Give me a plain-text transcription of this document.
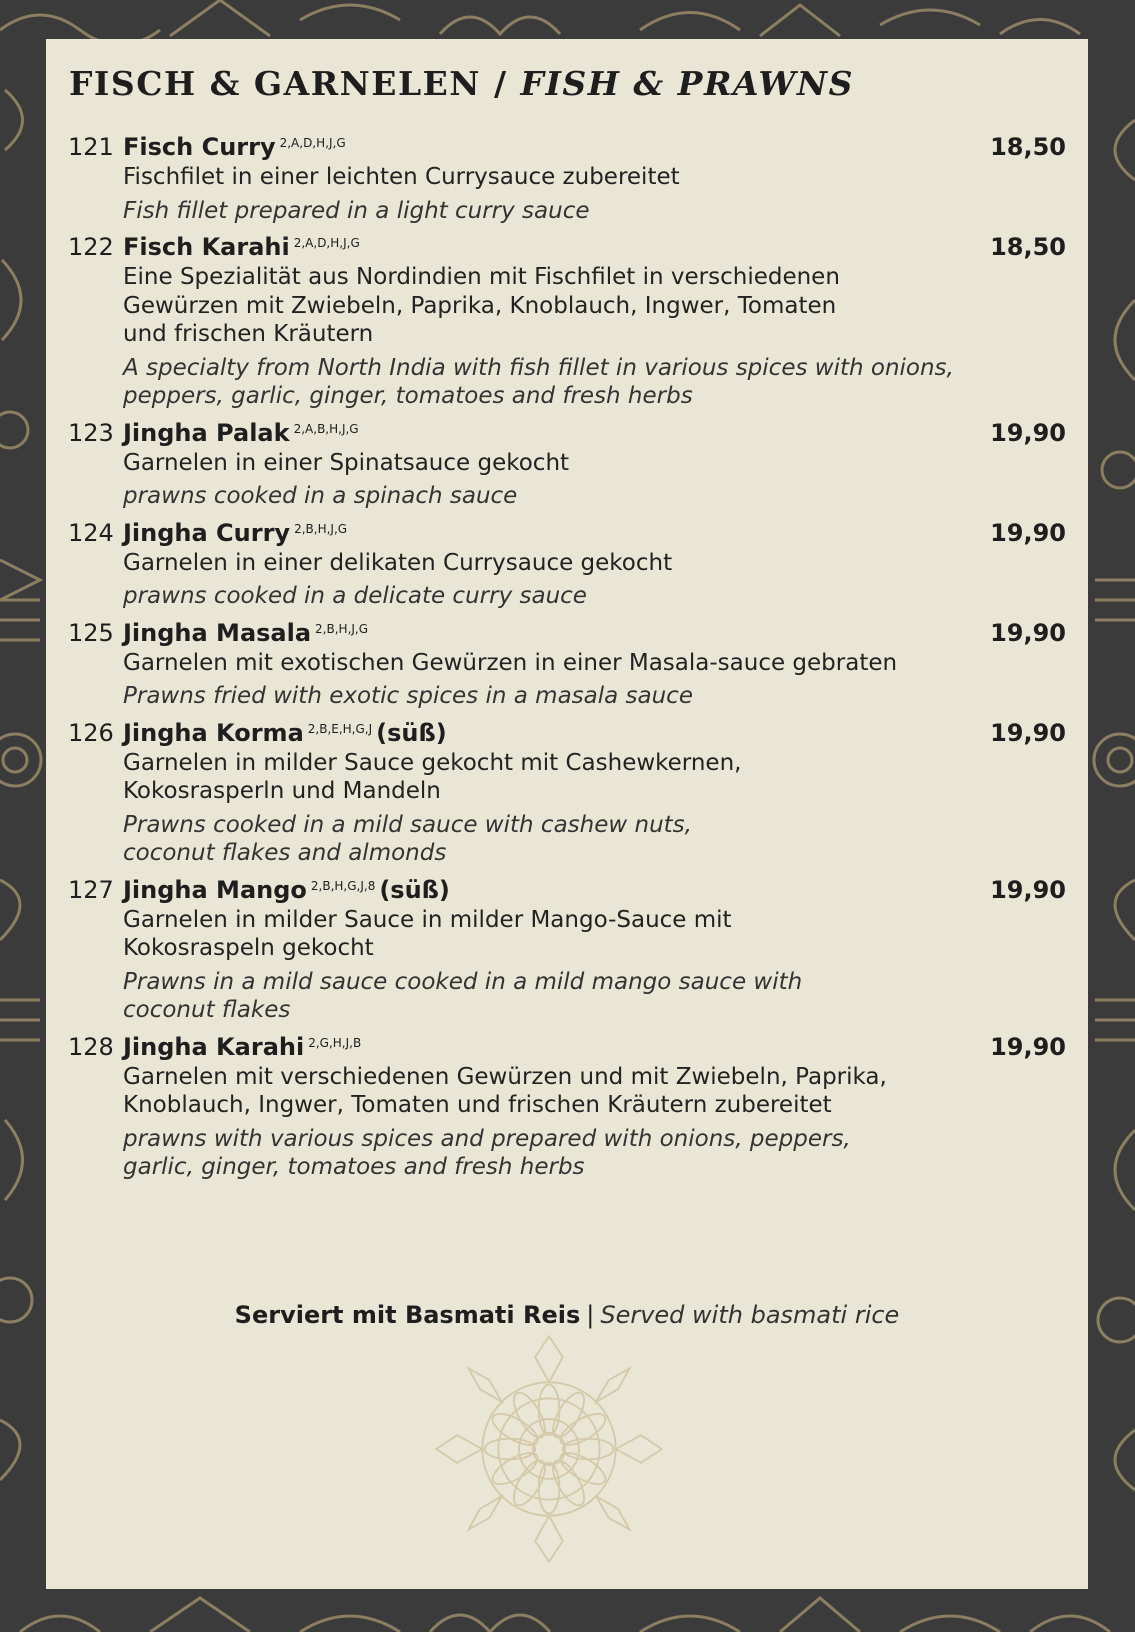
FISCH & GARNELEN / FISH & PRAWNS
121 Fisch Curry $^{2,A,D,H,J,G}$	18,50
Fischfilet in einer leichten Currysauce zubereitet
Fish fillet prepared in a light curry sauce
122 Fisch Karahi $^{2,A,D,H,J,G}$	18,50
Eine Spezialität aus Nordindien mit Fischfilet in verschiedenen
Gewürzen mit Zwiebeln, Paprika, Knoblauch, Ingwer, Tomaten
und frischen Kräutern
A specialty from North India with fish fillet in various spices with onions,
peppers, garlic, ginger, tomatoes and fresh herbs
123 Jingha Palak $^{2,A,B,H,J,G}$	19,90
Garnelen in einer Spinatsauce gekocht
prawns cooked in a spinach sauce
124 Jingha Curry $^{2,B,H,J,G}$	19,90
Garnelen in einer delikaten Currysauce gekocht
prawns cooked in a delicate curry sauce
125 Jingha Masala $^{2,B,H,J,G}$	19,90
Garnelen mit exotischen Gewürzen in einer Masala-sauce gebraten
Prawns fried with exotic spices in a masala sauce
126 Jingha Korma $^{2,B,E,H,G,J}$ (süß)	19,90
Garnelen in milder Sauce gekocht mit Cashewkernen,
Kokosrasperln und Mandeln
Prawns cooked in a mild sauce with cashew nuts,
coconut flakes and almonds
127 Jingha Mango $^{2,B,H,G,J,8}$ (süß)	19,90
Garnelen in milder Sauce in milder Mango-Sauce mit
Kokosraspeln gekocht
Prawns in a mild sauce cooked in a mild mango sauce with
coconut flakes
128 Jingha Karahi $^{2,G,H,J,B}$	19,90
Garnelen mit verschiedenen Gewürzen und mit Zwiebeln, Paprika,
Knoblauch, Ingwer, Tomaten und frischen Kräutern zubereitet
prawns with various spices and prepared with onions, peppers,
garlic, ginger, tomatoes and fresh herbs
Serviert mit Basmati Reis | Served with basmati rice
